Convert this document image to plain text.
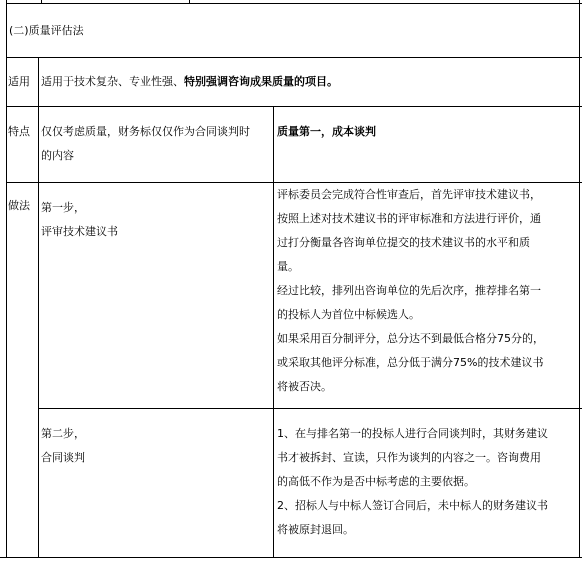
(二)质量评估法
适用 适用于技术复杂、专业性强、特别强调咨询成果质量的项目。
特点 仅仅考虑质量，财务标仅仅作为合同谈判时
的内容
质量第一，成本谈判
做法 第一步，
评审技术建议书
评标委员会完成符合性审查后，首先评审技术建议书，
按照上述对技术建议书的评审标准和方法进行评价，通
过打分衡量各咨询单位提交的技术建议书的水平和质
量。
经过比较，排列出咨询单位的先后次序，推荐排名第一
的投标人为首位中标候选人。
如果采用百分制评分，总分达不到最低合格分75分的，
或采取其他评分标准，总分低于满分75%的技术建议书
将被否决。
第二步，
合同谈判
1、在与排名第一的投标人进行合同谈判时，其财务建议
书才被拆封、宣读，只作为谈判的内容之一。咨询费用
的高低不作为是否中标考虑的主要依据。
2、招标人与中标人签订合同后，未中标人的财务建议书
将被原封退回。
